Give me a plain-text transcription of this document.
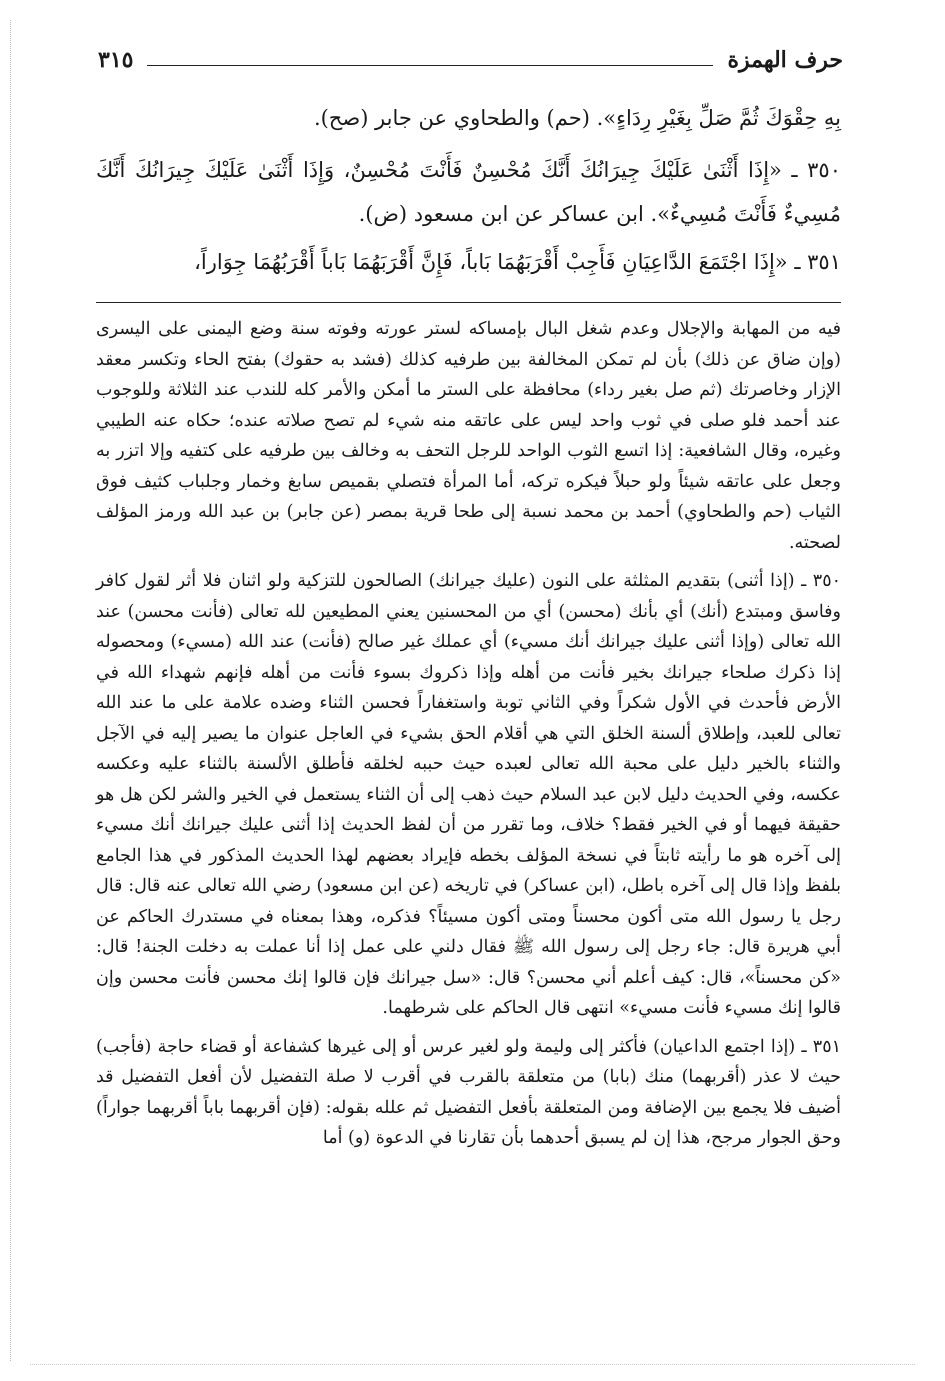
حرف الهمزة
٣١٥
بِهِ حِقْوَكَ ثُمَّ صَلِّ بِغَيْرِ رِدَاءٍ». (حم) والطحاوي عن جابر (صح).
٣٥٠ ـ «إِذَا أَثْنَىٰ عَلَيْكَ جِيرَانُكَ أَنَّكَ مُحْسِنٌ فَأَنْتَ مُحْسِنٌ، وَإِذَا أَثْنَىٰ عَلَيْكَ جِيرَانُكَ أَنَّكَ مُسِيءٌ فَأَنْتَ مُسِيءٌ». ابن عساكر عن ابن مسعود (ض).
٣٥١ ـ «إِذَا اجْتَمَعَ الدَّاعِيَانِ فَأَجِبْ أَقْرَبَهُمَا بَاباً، فَإِنَّ أَقْرَبَهُمَا بَاباً أَقْرَبُهُمَا جِوَاراً،

فيه من المهابة والإجلال وعدم شغل البال بإمساكه لستر عورته وفوته سنة وضع اليمنى على اليسرى (وإن ضاق عن ذلك) بأن لم تمكن المخالفة بين طرفيه كذلك (فشد به حقوك) بفتح الحاء وتكسر معقد الإزار وخاصرتك (ثم صل بغير رداء) محافظة على الستر ما أمكن والأمر كله للندب عند الثلاثة وللوجوب عند أحمد فلو صلى في ثوب واحد ليس على عاتقه منه شيء لم تصح صلاته عنده؛ حكاه عنه الطيبي وغيره، وقال الشافعية: إذا اتسع الثوب الواحد للرجل التحف به وخالف بين طرفيه على كتفيه وإلا اتزر به وجعل على عاتقه شيئاً ولو حبلاً فيكره تركه، أما المرأة فتصلي بقميص سابغ وخمار وجلباب كثيف فوق الثياب (حم والطحاوي) أحمد بن محمد نسبة إلى طحا قرية بمصر (عن جابر) بن عبد الله ورمز المؤلف لصحته.

٣٥٠ ـ (إذا أثنى) بتقديم المثلثة على النون (عليك جيرانك) الصالحون للتزكية ولو اثنان فلا أثر لقول كافر وفاسق ومبتدع (أنك) أي بأنك (محسن) أي من المحسنين يعني المطيعين لله تعالى (فأنت محسن) عند الله تعالى (وإذا أثنى عليك جيرانك أنك مسيء) أي عملك غير صالح (فأنت) عند الله (مسيء) ومحصوله إذا ذكرك صلحاء جيرانك بخير فأنت من أهله وإذا ذكروك بسوء فأنت من أهله فإنهم شهداء الله في الأرض فأحدث في الأول شكراً وفي الثاني توبة واستغفاراً فحسن الثناء وضده علامة على ما عند الله تعالى للعبد، وإطلاق ألسنة الخلق التي هي أقلام الحق بشيء في العاجل عنوان ما يصير إليه في الآجل والثناء بالخير دليل على محبة الله تعالى لعبده حيث حببه لخلقه فأطلق الألسنة بالثناء عليه وعكسه عكسه، وفي الحديث دليل لابن عبد السلام حيث ذهب إلى أن الثناء يستعمل في الخير والشر لكن هل هو حقيقة فيهما أو في الخير فقط؟ خلاف، وما تقرر من أن لفظ الحديث إذا أثنى عليك جيرانك أنك مسيء إلى آخره هو ما رأيته ثابتاً في نسخة المؤلف بخطه فإيراد بعضهم لهذا الحديث المذكور في هذا الجامع بلفظ وإذا قال إلى آخره باطل، (ابن عساكر) في تاريخه (عن ابن مسعود) رضي الله تعالى عنه قال: قال رجل يا رسول الله متى أكون محسناً ومتى أكون مسيئاً؟ فذكره، وهذا بمعناه في مستدرك الحاكم عن أبي هريرة قال: جاء رجل إلى رسول الله ﷺ فقال دلني على عمل إذا أنا عملت به دخلت الجنة! قال: «كن محسناً»، قال: كيف أعلم أني محسن؟ قال: «سل جيرانك فإن قالوا إنك محسن فأنت محسن وإن قالوا إنك مسيء فأنت مسيء» انتهى قال الحاكم على شرطهما.

٣٥١ ـ (إذا اجتمع الداعيان) فأكثر إلى وليمة ولو لغير عرس أو إلى غيرها كشفاعة أو قضاء حاجة (فأجب) حيث لا عذر (أقربهما) منك (بابا) من متعلقة بالقرب في أقرب لا صلة التفضيل لأن أفعل التفضيل قد أضيف فلا يجمع بين الإضافة ومن المتعلقة بأفعل التفضيل ثم علله بقوله: (فإن أقربهما باباً أقربهما جواراً) وحق الجوار مرجح، هذا إن لم يسبق أحدهما بأن تقارنا في الدعوة (و) أما
